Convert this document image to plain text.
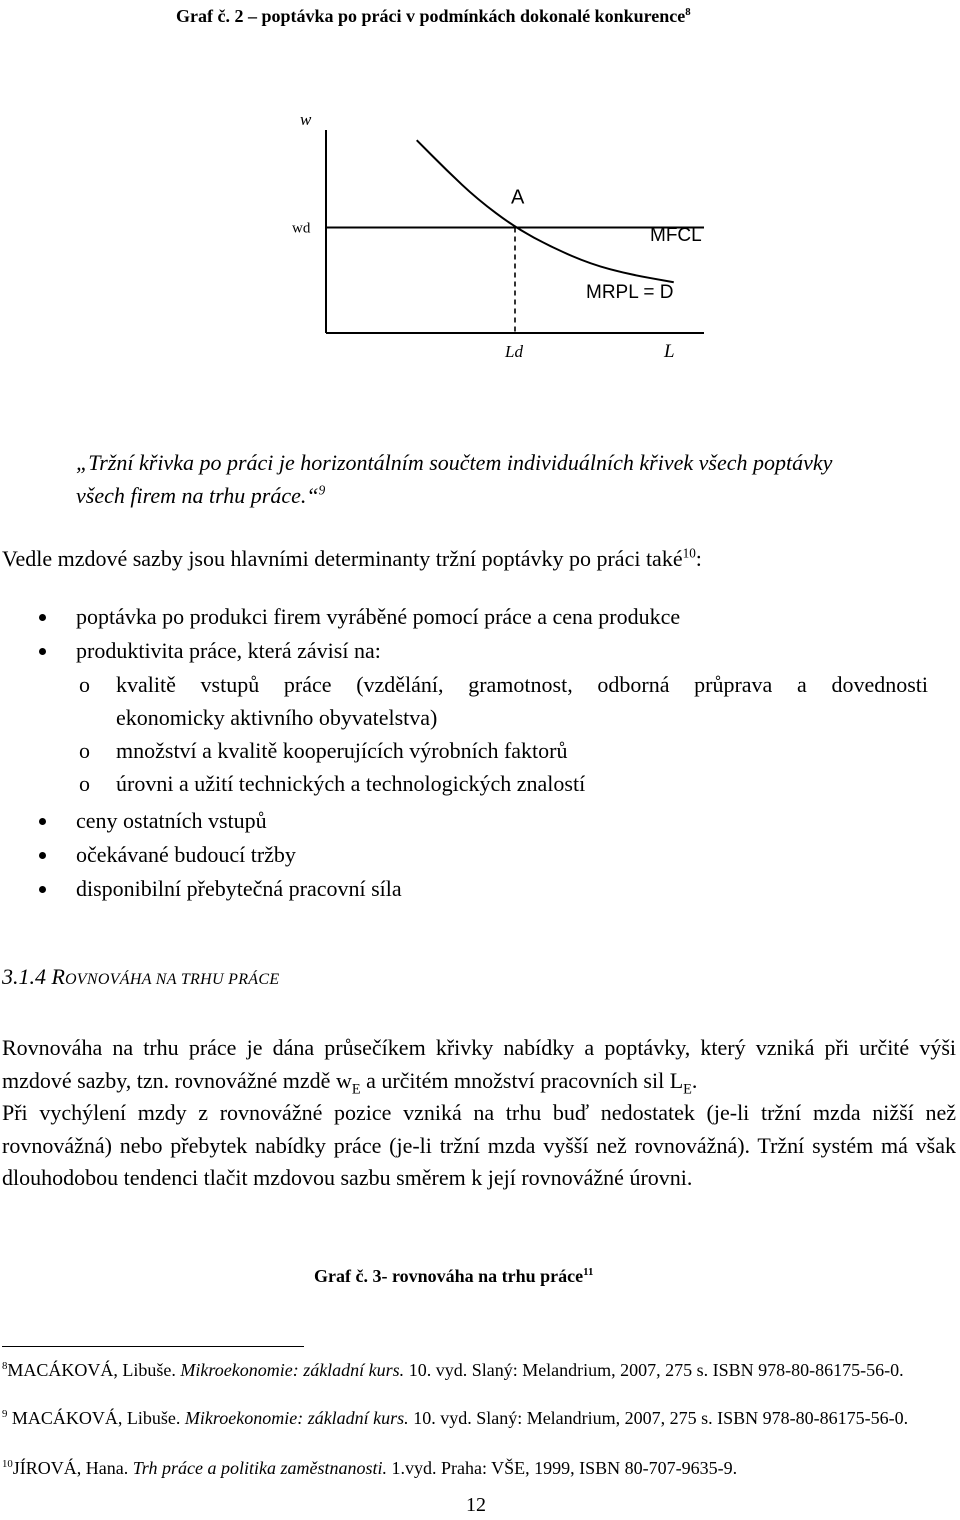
Graf č. 2 – poptávka po práci v podmínkách dokonalé konkurence$^8$
w
wd
A
MFCL
MRPL = D
Ld	L
„Tržní křivka po práci je horizontálním součtem individuálních křivek všech poptávky
všech firem na trhu práce.“$^9$
Vedle mzdové sazby jsou hlavními determinanty tržní poptávky po práci také$^{10}$:
poptávka po produkci firem vyráběné pomocí práce a cena produkce
produktivita práce, která závisí na:
o kvalitě vstupů práce (vzdělání, gramotnost, odborná průprava a dovednosti
ekonomicky aktivního obyvatelstva)
o množství a kvalitě kooperujících výrobních faktorů
o úrovni a užití technických a technologických znalostí
ceny ostatních vstupů
očekávané budoucí tržby
disponibilní přebytečná pracovní síla
3.1.4 ROVNOVÁHA NA TRHU PRÁCE

Rovnováha na trhu práce je dána průsečíkem křivky nabídky a poptávky, který vzniká při určité výši mzdové sazby, tzn. rovnovážné mzdě $w_E$ a určitém množství pracovních sil $L_E$.

Při vychýlení mzdy z rovnovážné pozice vzniká na trhu buď nedostatek (je-li tržní mzda nižší než rovnovážná) nebo přebytek nabídky práce (je-li tržní mzda vyšší než rovnovážná). Tržní systém má však dlouhodobou tendenci tlačit mzdovou sazbu směrem k její rovnovážné úrovni.

Graf č. 3- rovnováha na trhu práce$^{11}$
$^8$MACÁKOVÁ, Libuše. Mikroekonomie: základní kurs. 10. vyd. Slaný: Melandrium, 2007, 275 s. ISBN 978-80-86175-56-0.
$^9$ MACÁKOVÁ, Libuše. Mikroekonomie: základní kurs. 10. vyd. Slaný: Melandrium, 2007, 275 s. ISBN 978-80-86175-56-0.
$^{10}$JÍROVÁ, Hana. Trh práce a politika zaměstnanosti. 1.vyd. Praha: VŠE, 1999, ISBN 80-707-9635-9.
12
